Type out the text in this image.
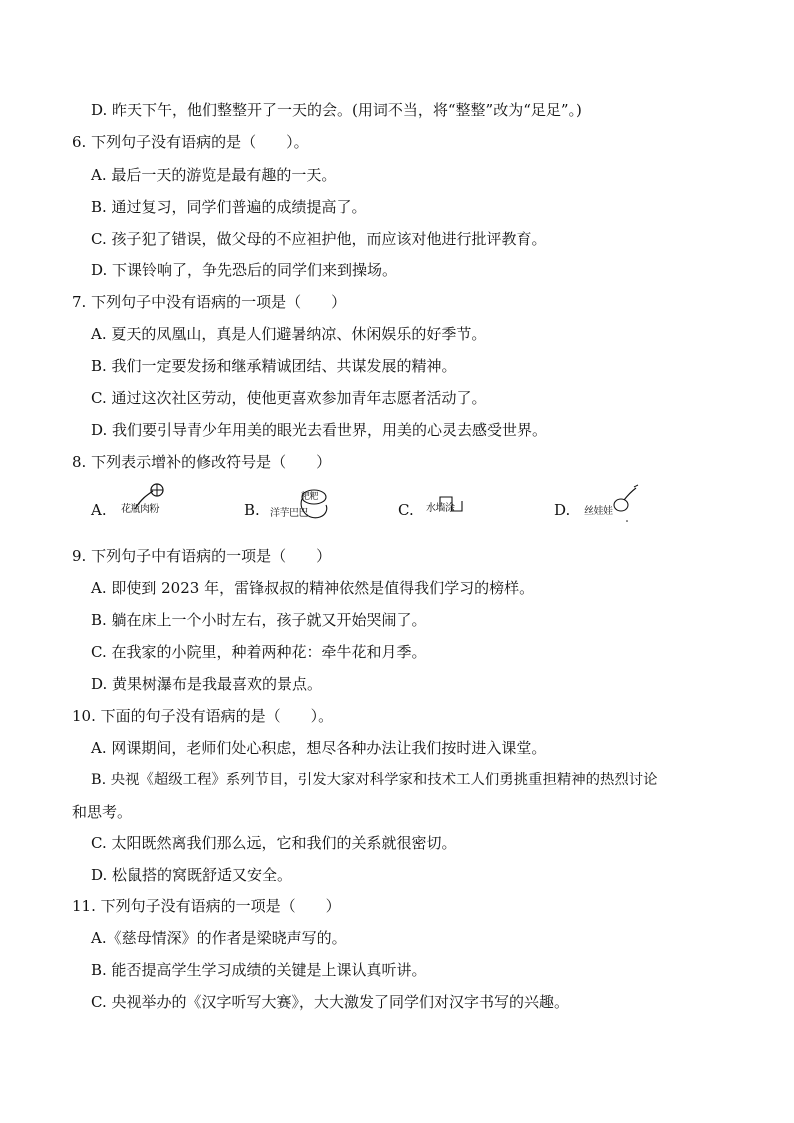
D. 昨天下午，他们整整开了一天的会。(用词不当，将“整整”改为“足足”。)
6. 下列句子没有语病的是（　　）。
A. 最后一天的游览是最有趣的一天。
B. 通过复习，同学们普遍的成绩提高了。
C. 孩子犯了错误，做父母的不应袒护他，而应该对他进行批评教育。
D. 下课铃响了，争先恐后的同学们来到操场。
7. 下列句子中没有语病的一项是（　　）
A. 夏天的凤凰山，真是人们避暑纳凉、休闲娱乐的好季节。
B. 我们一定要发扬和继承精诚团结、共谋发展的精神。
C. 通过这次社区劳动，使他更喜欢参加青年志愿者活动了。
D. 我们要引导青少年用美的眼光去看世界，用美的心灵去感受世界。
8. 下列表示增补的修改符号是（　　）
A. 花瓶肉粉	B. 洋芋巴巴
粑粑
C. 水墙涂	D. 丝娃娃
9. 下列句子中有语病的一项是（　　）
A. 即使到 2023 年，雷锋叔叔的精神依然是值得我们学习的榜样。
B. 躺在床上一个小时左右，孩子就又开始哭闹了。
C. 在我家的小院里，种着两种花：牵牛花和月季。
D. 黄果树瀑布是我最喜欢的景点。
10. 下面的句子没有语病的是（　　）。
A. 网课期间，老师们处心积虑，想尽各种办法让我们按时进入课堂。
B. 央视《超级工程》系列节目，引发大家对科学家和技术工人们勇挑重担精神的热烈讨论
和思考。
C. 太阳既然离我们那么远，它和我们的关系就很密切。
D. 松鼠搭的窝既舒适又安全。
11. 下列句子没有语病的一项是（　　）
A.《慈母情深》的作者是梁晓声写的。
B. 能否提高学生学习成绩的关键是上课认真听讲。
C. 央视举办的《汉字听写大赛》，大大激发了同学们对汉字书写的兴趣。
